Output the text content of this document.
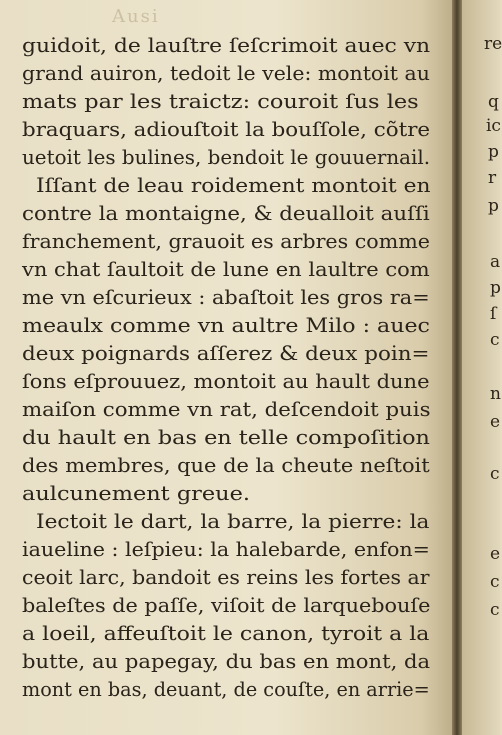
Ausi
guidoit, de lauſtre ſeſcrimoit auec vn
grand auiron, tedoit le vele: montoit au
mats par les traictz: couroit ſus les
braquars, adiouſtoit la bouſſole, cõtre
uetoit les bulines, bendoit le gouuernail.
Iſſant de leau roidement montoit en
contre la montaigne, & deualloit auſſi
franchement, grauoit es arbres comme
vn chat ſaultoit de lune en laultre com
me vn eſcurieux : abaſtoit les gros ra=
meaulx comme vn aultre Milo : auec
deux poignards aſſerez & deux poin=
ſons eſprouuez, montoit au hault dune
maiſon comme vn rat, deſcendoit puis
du hault en bas en telle compoſition
des membres, que de la cheute neſtoit
aulcunement greue.
Iectoit le dart, la barre, la pierre: la
iaueline : leſpieu: la halebarde, enfon=
ceoit larc, bandoit es reins les fortes ar
baleſtes de paſſe, viſoit de larquebouſe
a loeil, affeuſtoit le canon, tyroit a la
butte, au papegay, du bas en mont, da
mont en bas, deuant, de couſte, en arrie=
re
q
ic
p
r
p
a
p
ſ
c
n
e
c
e
c
c
